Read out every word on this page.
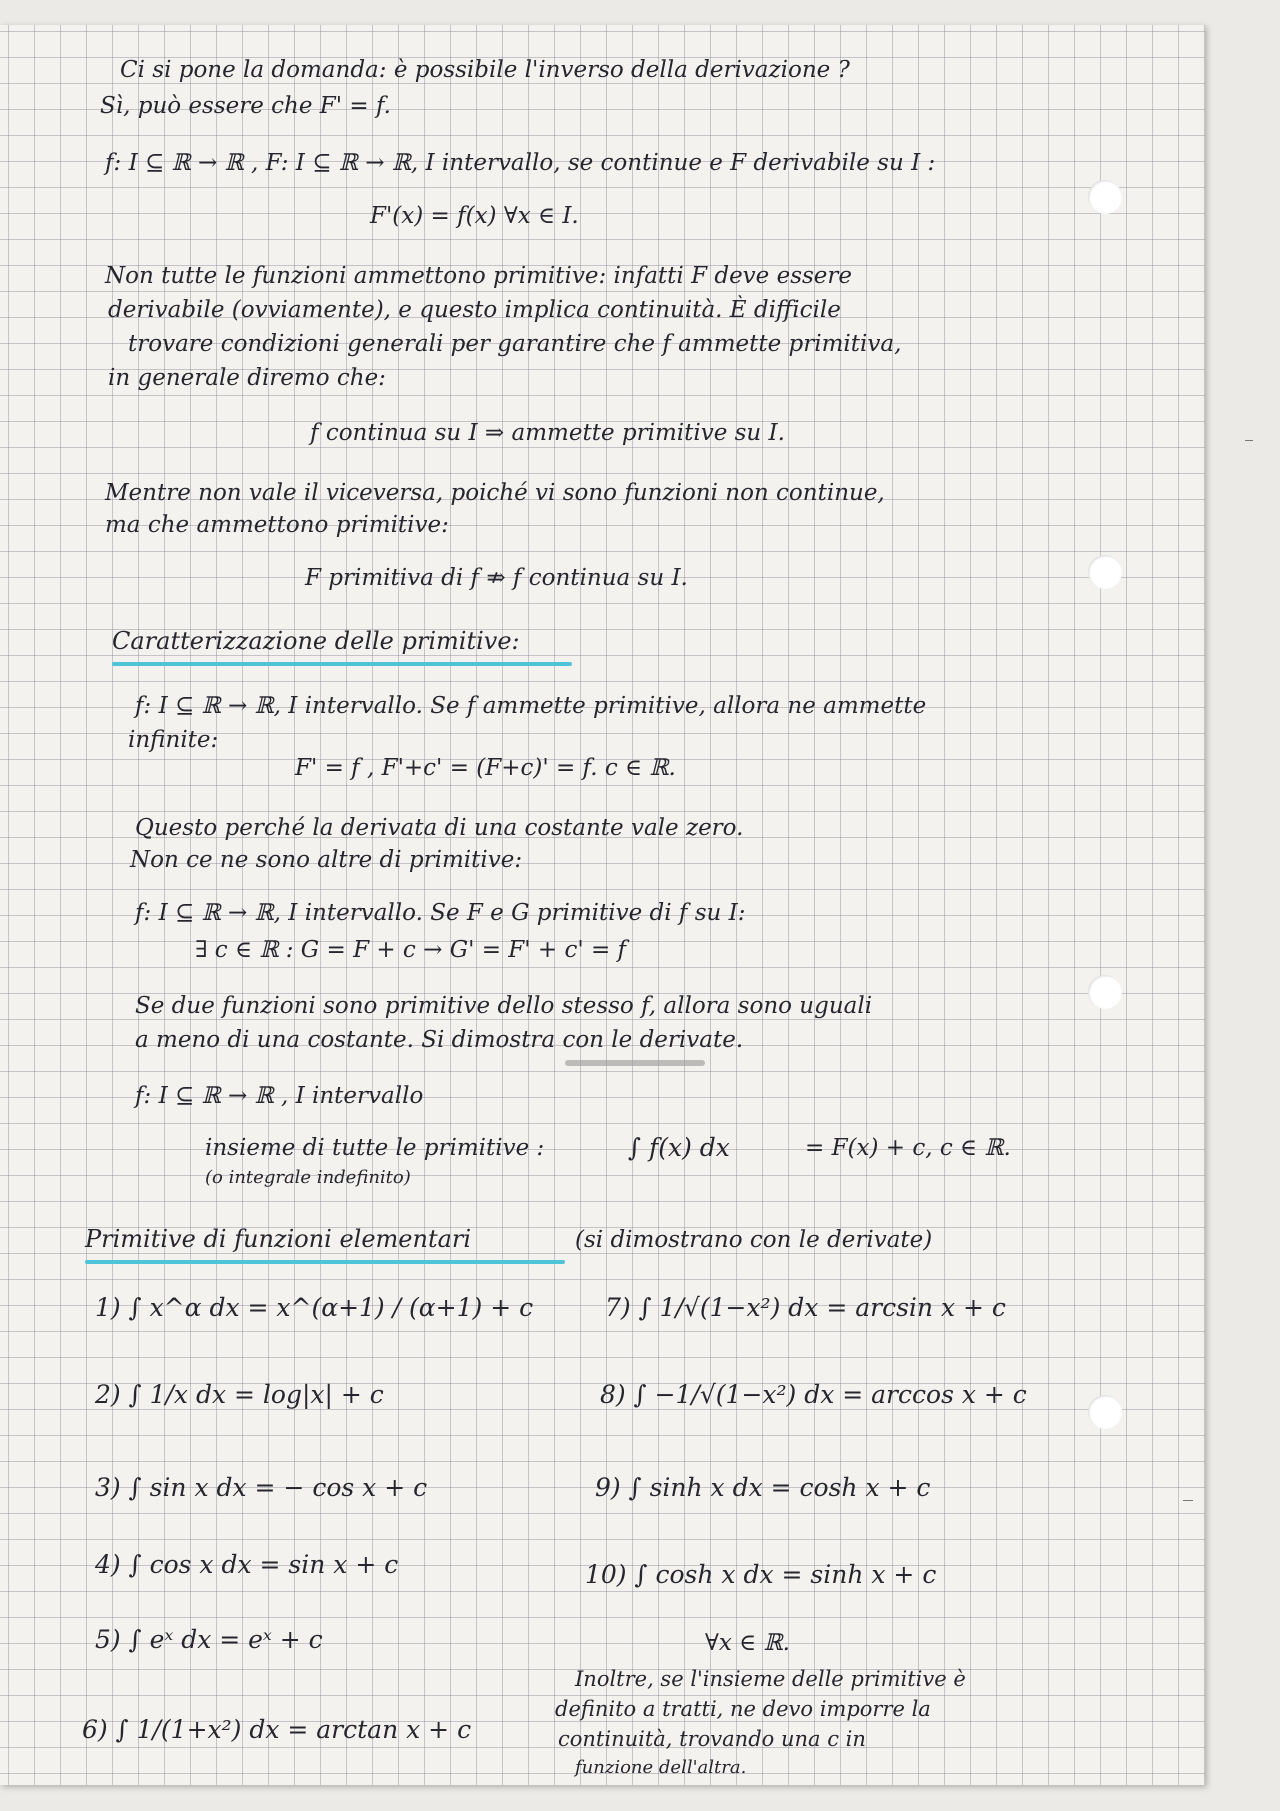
Ci si pone la domanda: è possibile l'inverso della derivazione ?
Sì, può essere che F' = f.
f: I ⊆ ℝ → ℝ , F: I ⊆ ℝ → ℝ, I intervallo, se continue e F derivabile su I :
F'(x) = f(x) ∀x ∈ I.
Non tutte le funzioni ammettono primitive: infatti F deve essere
derivabile (ovviamente), e questo implica continuità. È difficile
trovare condizioni generali per garantire che f ammette primitiva,
in generale diremo che:
f continua su I ⇒ ammette primitive su I.
Mentre non vale il viceversa, poiché vi sono funzioni non continue,
ma che ammettono primitive:
F primitiva di f ⇏ f continua su I.
Caratterizzazione delle primitive:
f: I ⊆ ℝ → ℝ, I intervallo. Se f ammette primitive, allora ne ammette
infinite:
F' = f , F'+c' = (F+c)' = f. c ∈ ℝ.
Questo perché la derivata di una costante vale zero.
Non ce ne sono altre di primitive:
f: I ⊆ ℝ → ℝ, I intervallo. Se F e G primitive di f su I:
∃ c ∈ ℝ : G = F + c → G' = F' + c' = f
Se due funzioni sono primitive dello stesso f, allora sono uguali
a meno di una costante. Si dimostra con le derivate.
f: I ⊆ ℝ → ℝ , I intervallo
insieme di tutte le primitive :	∫ f(x) dx	= F(x) + c, c ∈ ℝ.
(o integrale indefinito)
Primitive di funzioni elementari	(si dimostrano con le derivate)
1) ∫ x^α dx = x^(α+1) / (α+1) + c
2) ∫ 1/x dx = log|x| + c
3) ∫ sin x dx = − cos x + c
4) ∫ cos x dx = sin x + c
5) ∫ eˣ dx = eˣ + c
6) ∫ 1/(1+x²) dx = arctan x + c
7) ∫ 1/√(1−x²) dx = arcsin x + c
8) ∫ −1/√(1−x²) dx = arccos x + c
9) ∫ sinh x dx = cosh x + c
10) ∫ cosh x dx = sinh x + c
∀x ∈ ℝ.
Inoltre, se l'insieme delle primitive è
definito a tratti, ne devo imporre la
continuità, trovando una c in
funzione dell'altra.
